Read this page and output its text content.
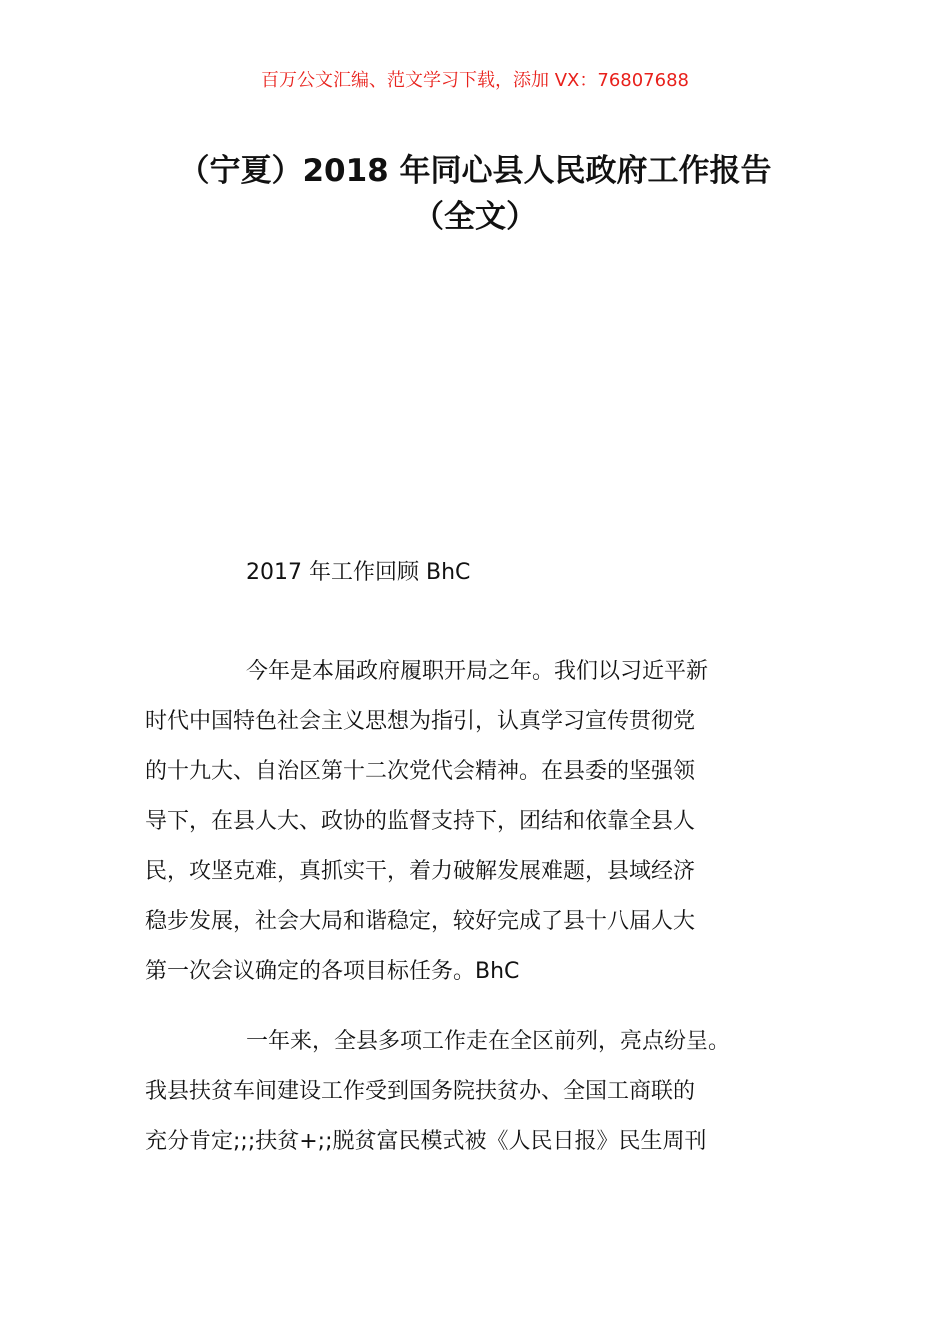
百万公文汇编、范文学习下载，添加 VX：76807688
（宁夏）2018 年同心县人民政府工作报告
（全文）
2017 年工作回顾 BhC
今年是本届政府履职开局之年。我们以习近平新
时代中国特色社会主义思想为指引，认真学习宣传贯彻党
的十九大、自治区第十二次党代会精神。在县委的坚强领
导下，在县人大、政协的监督支持下，团结和依靠全县人
民，攻坚克难，真抓实干，着力破解发展难题，县域经济
稳步发展，社会大局和谐稳定，较好完成了县十八届人大
第一次会议确定的各项目标任务。BhC
一年来，全县多项工作走在全区前列，亮点纷呈。
我县扶贫车间建设工作受到国务院扶贫办、全国工商联的
充分肯定;;;扶贫+;;脱贫富民模式被《人民日报》民生周刊
